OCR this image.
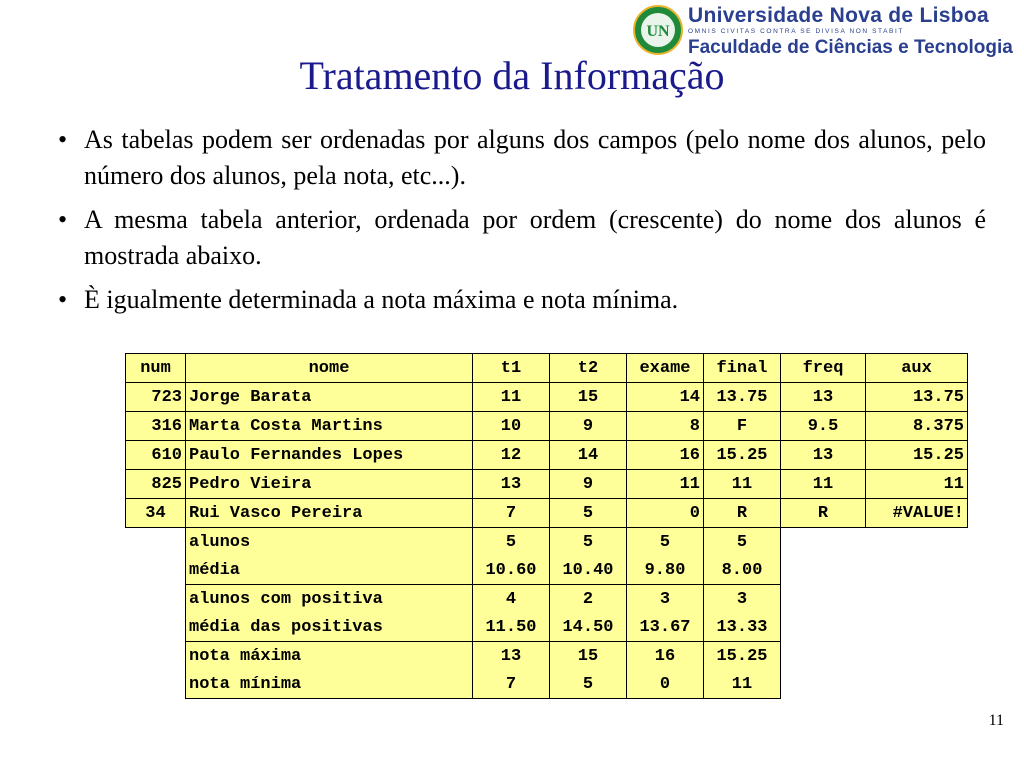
UN
Universidade Nova de Lisboa
OMNIS CIVITAS CONTRA SE DIVISA NON STABIT
Faculdade de Ciências e Tecnologia
Tratamento da Informação
• As tabelas podem ser ordenadas por alguns dos campos (pelo nome dos alunos, pelo número dos alunos, pela nota, etc...).
• A mesma tabela anterior, ordenada por ordem (crescente) do nome dos alunos é mostrada abaixo.
• È igualmente determinada a nota máxima e nota mínima.
num	nome	t1	t2	exame	final	freq	aux
723	Jorge Barata	11	15	14	13.75	13	13.75
316	Marta Costa Martins	10	9	8	F	9.5	8.375
610	Paulo Fernandes Lopes	12	14	16	15.25	13	15.25
825	Pedro Vieira	13	9	11	11	11	11
34	Rui Vasco Pereira	7	5	0	R	R	#VALUE!
	alunos	5	5	5	5		
	média	10.60	10.40	9.80	8.00		
	alunos com positiva	4	2	3	3		
	média das positivas	11.50	14.50	13.67	13.33		
	nota máxima	13	15	16	15.25		
	nota mínima	7	5	0	11		
11
